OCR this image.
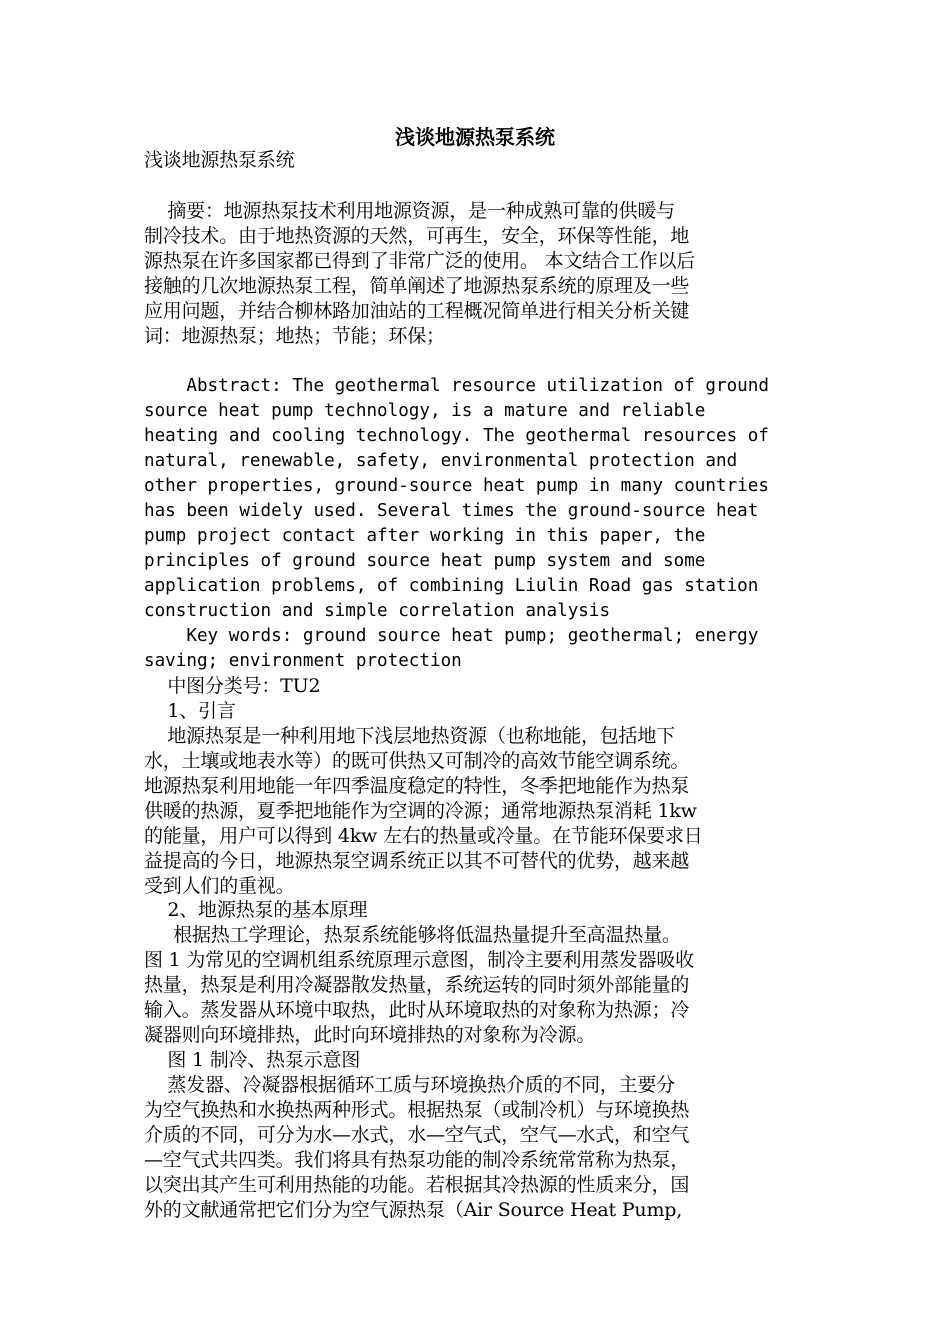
浅谈地源热泵系统
浅谈地源热泵系统
摘要：地源热泵技术利用地源资源，是一种成熟可靠的供暖与
制冷技术。由于地热资源的天然，可再生，安全，环保等性能，地
源热泵在许多国家都已得到了非常广泛的使用。 本文结合工作以后
接触的几次地源热泵工程，简单阐述了地源热泵系统的原理及一些
应用问题，并结合柳林路加油站的工程概况简单进行相关分析关键
词：地源热泵；地热；节能；环保；
Abstract: The geothermal resource utilization of ground
source heat pump technology, is a mature and reliable
heating and cooling technology. The geothermal resources of
natural, renewable, safety, environmental protection and
other properties, ground-source heat pump in many countries
has been widely used. Several times the ground-source heat
pump project contact after working in this paper, the
principles of ground source heat pump system and some
application problems, of combining Liulin Road gas station
construction and simple correlation analysis
Key words: ground source heat pump; geothermal; energy
saving; environment protection
中图分类号：TU2
1、引言
地源热泵是一种利用地下浅层地热资源（也称地能，包括地下
水，土壤或地表水等）的既可供热又可制冷的高效节能空调系统。
地源热泵利用地能一年四季温度稳定的特性，冬季把地能作为热泵
供暖的热源，夏季把地能作为空调的冷源；通常地源热泵消耗 1kw
的能量，用户可以得到 4kw 左右的热量或冷量。在节能环保要求日
益提高的今日，地源热泵空调系统正以其不可替代的优势，越来越
受到人们的重视。
2、地源热泵的基本原理
根据热工学理论，热泵系统能够将低温热量提升至高温热量。
图 1 为常见的空调机组系统原理示意图，制冷主要利用蒸发器吸收
热量，热泵是利用冷凝器散发热量，系统运转的同时须外部能量的
输入。蒸发器从环境中取热，此时从环境取热的对象称为热源；冷
凝器则向环境排热，此时向环境排热的对象称为冷源。
图 1 制冷、热泵示意图
蒸发器、冷凝器根据循环工质与环境换热介质的不同，主要分
为空气换热和水换热两种形式。根据热泵（或制冷机）与环境换热
介质的不同，可分为水—水式，水—空气式，空气—水式，和空气
—空气式共四类。我们将具有热泵功能的制冷系统常常称为热泵，
以突出其产生可利用热能的功能。若根据其冷热源的性质来分，国
外的文献通常把它们分为空气源热泵（Air Source Heat Pump,
